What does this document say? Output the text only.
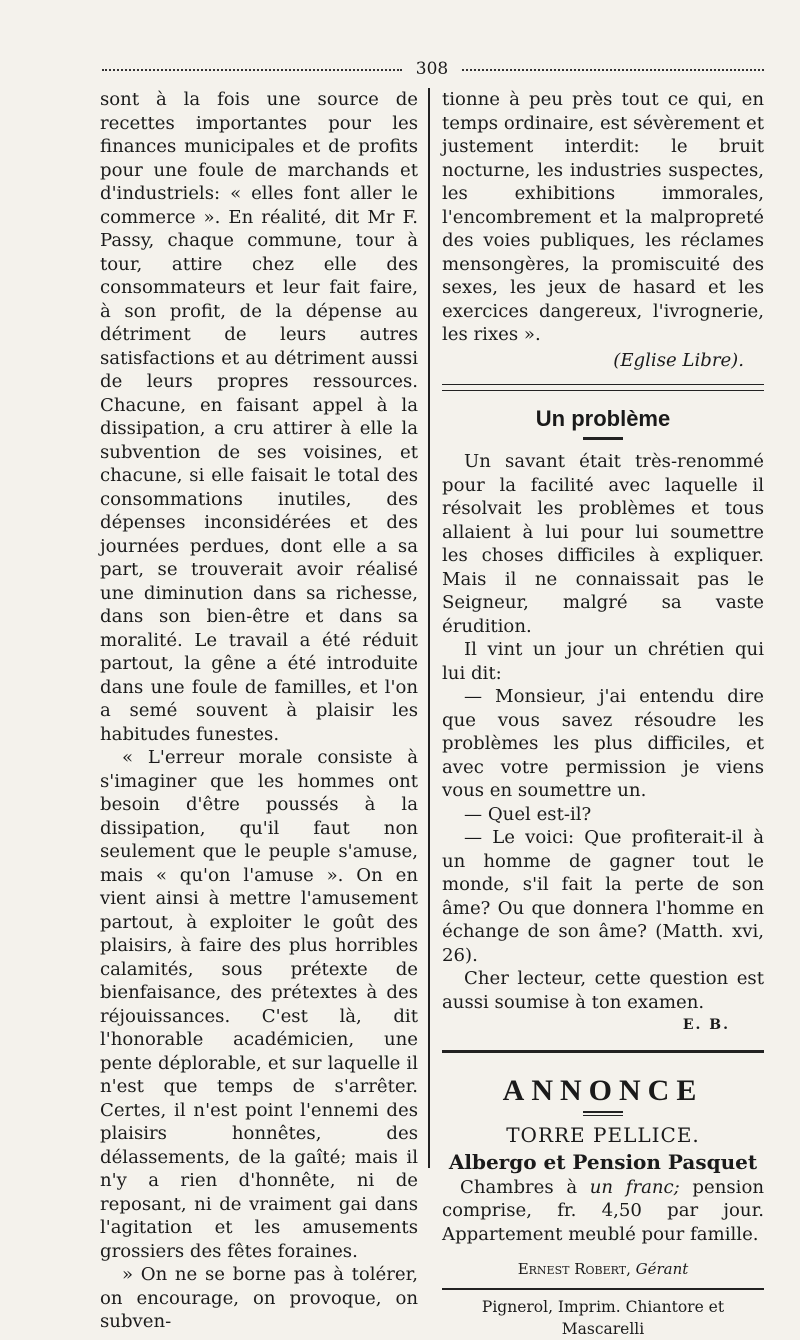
308

sont à la fois une source de recettes importantes pour les finances municipales et de profits pour une foule de marchands et d'industriels: « elles font aller le commerce ». En réalité, dit Mr F. Passy, chaque commune, tour à tour, attire chez elle des consommateurs et leur fait faire, à son profit, de la dépense au détriment de leurs autres satisfactions et au détriment aussi de leurs propres ressources. Chacune, en faisant appel à la dissipation, a cru attirer à elle la subvention de ses voisines, et chacune, si elle faisait le total des consommations inutiles, des dépenses inconsidérées et des journées perdues, dont elle a sa part, se trouverait avoir réalisé une diminution dans sa richesse, dans son bien-être et dans sa moralité. Le travail a été réduit partout, la gêne a été introduite dans une foule de familles, et l'on a semé souvent à plaisir les habitudes funestes.

« L'erreur morale consiste à s'imaginer que les hommes ont besoin d'être poussés à la dissipation, qu'il faut non seulement que le peuple s'amuse, mais « qu'on l'amuse ». On en vient ainsi à mettre l'amusement partout, à exploiter le goût des plaisirs, à faire des plus horribles calamités, sous prétexte de bienfaisance, des prétextes à des réjouissances. C'est là, dit l'honorable académicien, une pente déplorable, et sur laquelle il n'est que temps de s'arrêter. Certes, il n'est point l'ennemi des plaisirs honnêtes, des délassements, de la gaîté; mais il n'y a rien d'honnête, ni de reposant, ni de vraiment gai dans l'agitation et les amusements grossiers des fêtes foraines.

» On ne se borne pas à tolérer, on encourage, on provoque, on subven-

tionne à peu près tout ce qui, en temps ordinaire, est sévèrement et justement interdit: le bruit nocturne, les industries suspectes, les exhibitions immorales, l'encombrement et la malpropreté des voies publiques, les réclames mensongères, la promiscuité des sexes, les jeux de hasard et les exercices dangereux, l'ivrognerie, les rixes ».

(Eglise Libre).

Un problème

Un savant était très-renommé pour la facilité avec laquelle il résolvait les problèmes et tous allaient à lui pour lui soumettre les choses difficiles à expliquer. Mais il ne connaissait pas le Seigneur, malgré sa vaste érudition.

Il vint un jour un chrétien qui lui dit:

— Monsieur, j'ai entendu dire que vous savez résoudre les problèmes les plus difficiles, et avec votre permission je viens vous en soumettre un.

— Quel est-il?

— Le voici: Que profiterait-il à un homme de gagner tout le monde, s'il fait la perte de son âme? Ou que donnera l'homme en échange de son âme? (Matth. xvi, 26).

Cher lecteur, cette question est aussi soumise à ton examen.

E. B.

ANNONCE

TORRE PELLICE.

Albergo et Pension Pasquet

Chambres à un franc; pension comprise, fr. 4,50 par jour. Appartement meublé pour famille.

Ernest Robert, Gérant

Pignerol, Imprim. Chiantore et Mascarelli
